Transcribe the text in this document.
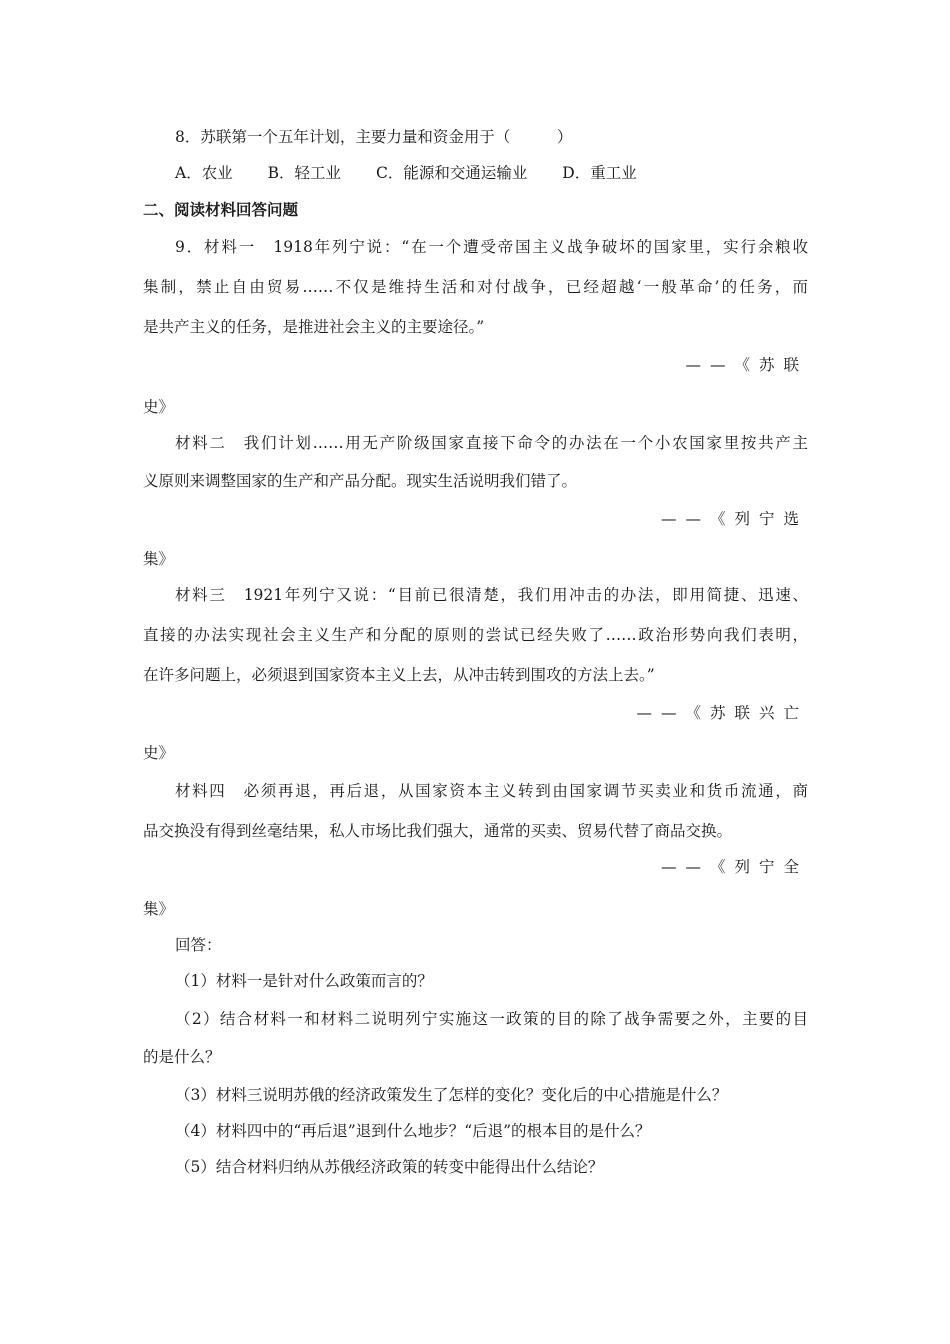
8．苏联第一个五年计划，主要力量和资金用于（　　　）
A．农业 B．轻工业 C．能源和交通运输业 D．重工业
二、阅读材料回答问题
9．材料一　1918年列宁说：“在一个遭受帝国主义战争破坏的国家里，实行余粮收
集制，禁止自由贸易……不仅是维持生活和对付战争，已经超越‘一般革命’的任务，而
是共产主义的任务，是推进社会主义的主要途径。”
——《苏联
史》
材料二　我们计划……用无产阶级国家直接下命令的办法在一个小农国家里按共产主
义原则来调整国家的生产和产品分配。现实生活说明我们错了。
——《列宁选
集》
材料三　1921年列宁又说：“目前已很清楚，我们用冲击的办法，即用简捷、迅速、
直接的办法实现社会主义生产和分配的原则的尝试已经失败了……政治形势向我们表明，
在许多问题上，必须退到国家资本主义上去，从冲击转到围攻的方法上去。”
——《苏联兴亡
史》
材料四　必须再退，再后退，从国家资本主义转到由国家调节买卖业和货币流通，商
品交换没有得到丝毫结果，私人市场比我们强大，通常的买卖、贸易代替了商品交换。
——《列宁全
集》
回答：
（1）材料一是针对什么政策而言的？
（2）结合材料一和材料二说明列宁实施这一政策的目的除了战争需要之外，主要的目
的是什么？
（3）材料三说明苏俄的经济政策发生了怎样的变化？变化后的中心措施是什么？
（4）材料四中的“再后退”退到什么地步？“后退”的根本目的是什么？
（5）结合材料归纳从苏俄经济政策的转变中能得出什么结论？
